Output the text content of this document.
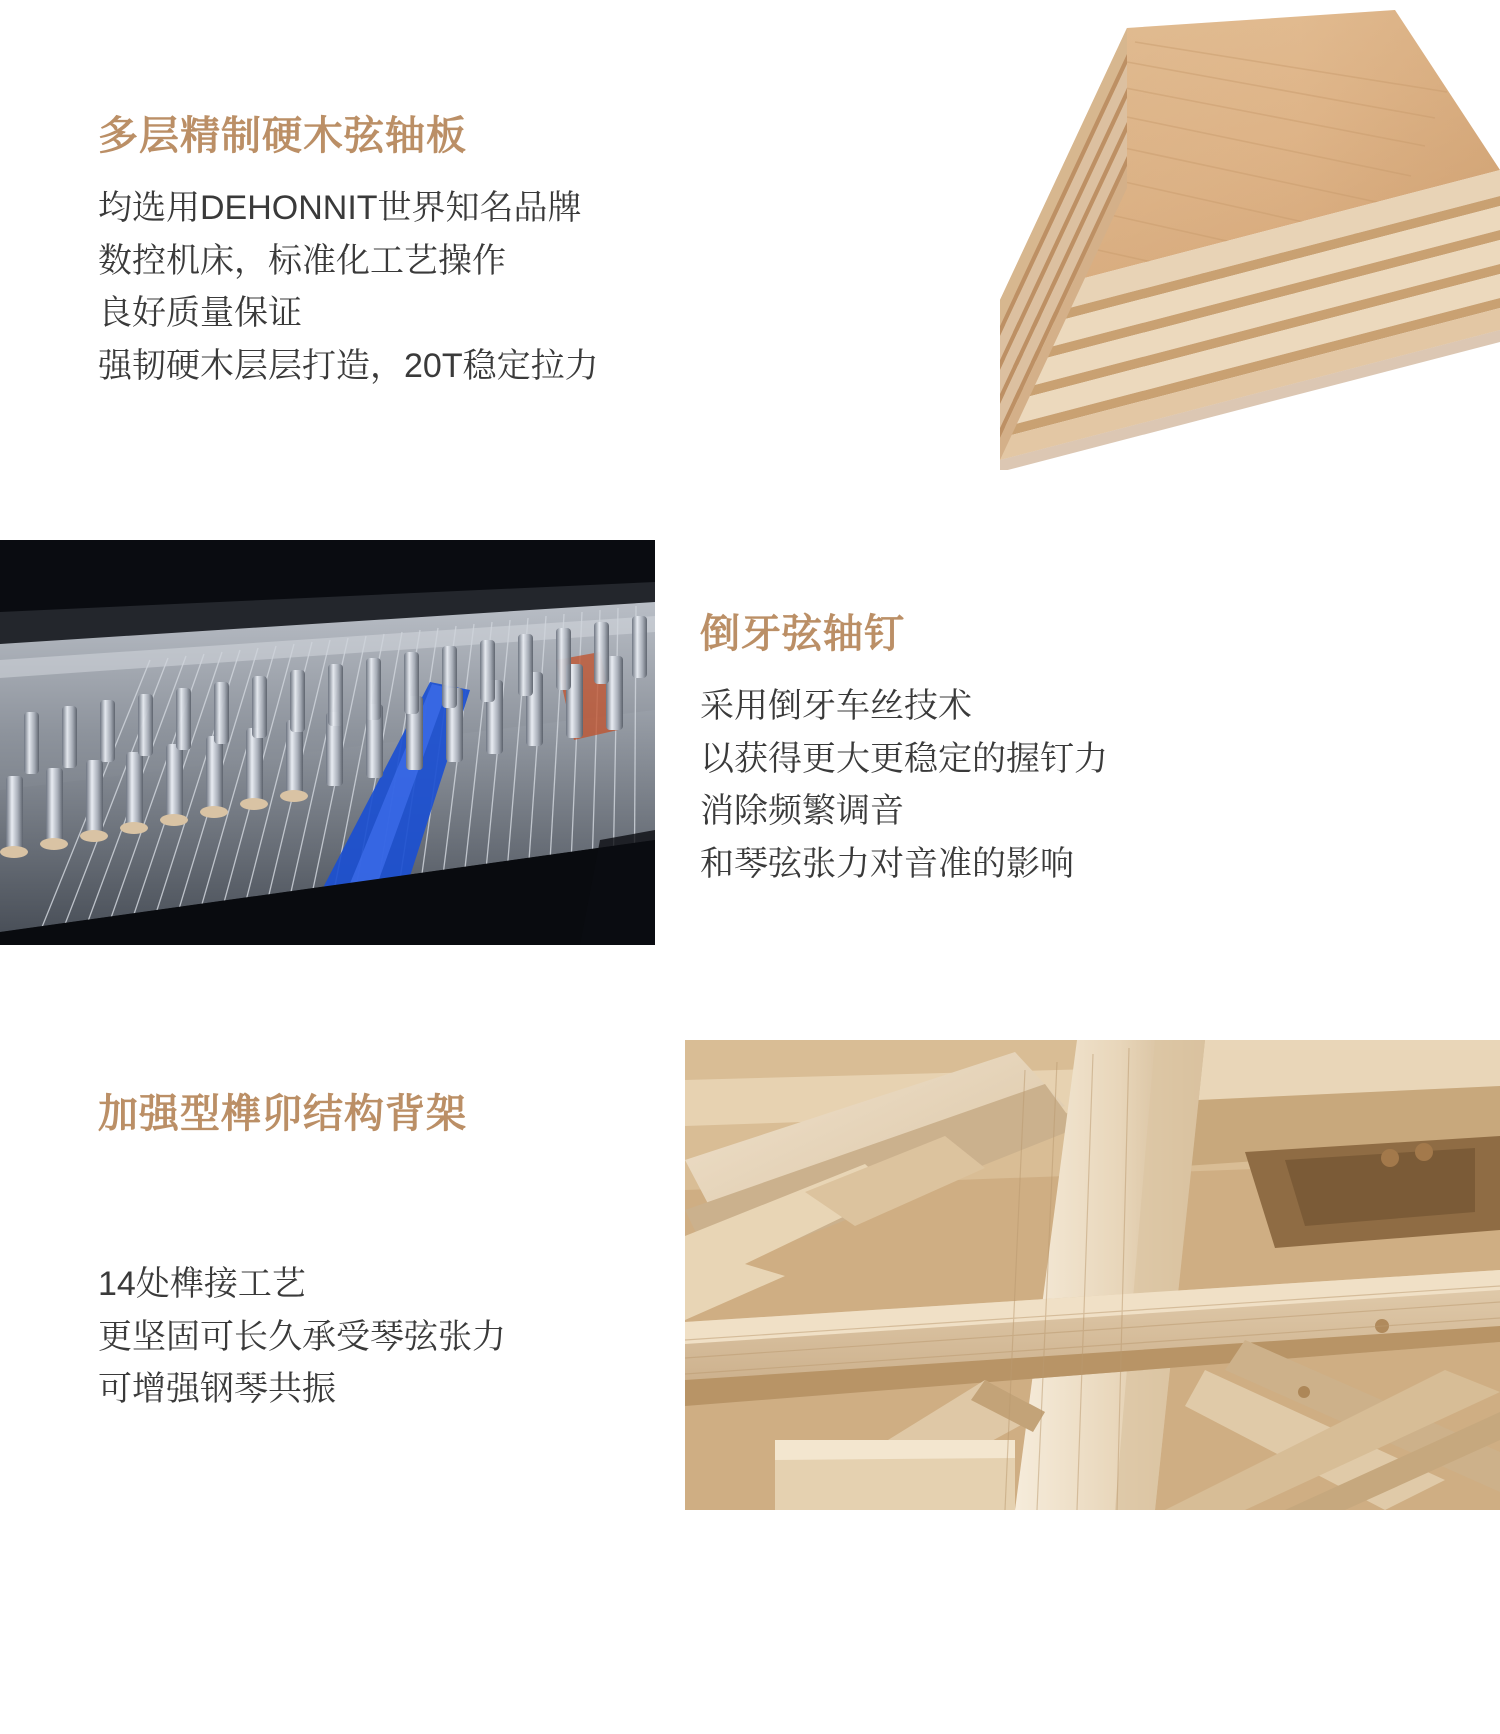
多层精制硬木弦轴板
均选用DEHONNIT世界知名品牌
数控机床，标准化工艺操作
良好质量保证
强韧硬木层层打造，20T稳定拉力
倒牙弦轴钉
采用倒牙车丝技术
以获得更大更稳定的握钉力
消除频繁调音
和琴弦张力对音准的影响
加强型榫卯结构背架
14处榫接工艺
更坚固可长久承受琴弦张力
可增强钢琴共振
